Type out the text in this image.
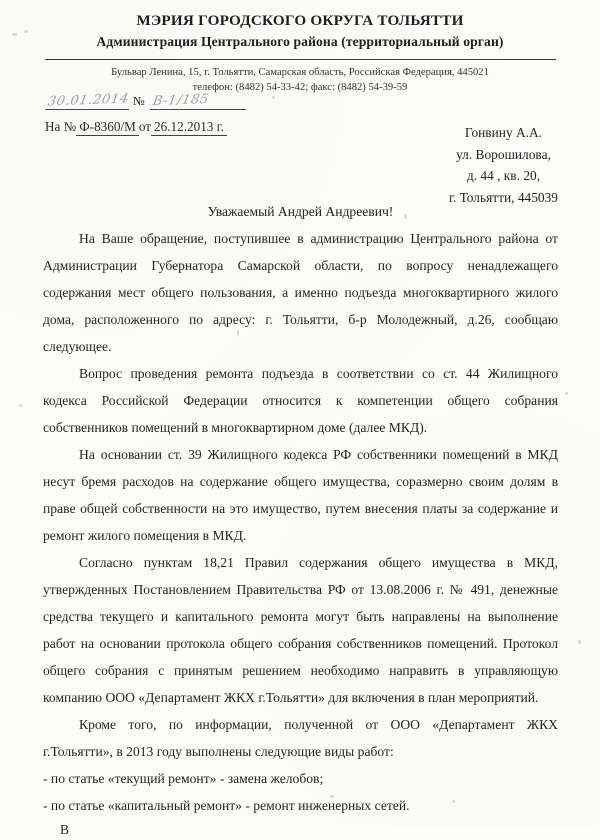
МЭРИЯ ГОРОДСКОГО ОКРУГА ТОЛЬЯТТИ
Администрация Центрального района (территориальный орган)
Бульвар Ленина, 15, г. Тольятти, Самарская область, Российская Федерация, 445021
телефон: (8482) 54-33-42; факс: (8482) 54-39-59
30.01.2014 № В-1/185
На № Ф-8360/М от 26.12.2013 г.	Гонвину А.А.
ул. Ворошилова,
д. 44 , кв. 20,
г. Тольятти, 445039
Уважаемый Андрей Андреевич!

На Ваше обращение, поступившее в администрацию Центрального района от Администрации Губернатора Самарской области, по вопросу ненадлежащего содержания мест общего пользования, а именно подъезда многоквартирного жилого дома, расположенного по адресу: г. Тольятти, б-р Молодежный, д.26, сообщаю следующее.

Вопрос проведения ремонта подъезда в соответствии со ст. 44 Жилищного кодекса Российской Федерации относится к компетенции общего собрания собственников помещений в многоквартирном доме (далее МКД).

На основании ст. 39 Жилищного кодекса РФ собственники помещений в МКД несут бремя расходов на содержание общего имущества, соразмерно своим долям в праве общей собственности на это имущество, путем внесения платы за содержание и ремонт жилого помещения в МКД.

Согласно пунктам 18,21 Правил содержания общего имущества в МКД, утвержденных Постановлением Правительства РФ от 13.08.2006 г. № 491, денежные средства текущего и капитального ремонта могут быть направлены на выполнение работ на основании протокола общего собрания собственников помещений. Протокол общего собрания с принятым решением необходимо направить в управляющую компанию ООО «Департамент ЖКХ г.Тольятти» для включения в план мероприятий.

Кроме того, по информации, полученной от ООО «Департамент ЖКХ г.Тольятти», в 2013 году выполнены следующие виды работ:

- по статье «текущий ремонт» - замена желобов;

- по статье «капитальный ремонт» - ремонт инженерных сетей.

В
